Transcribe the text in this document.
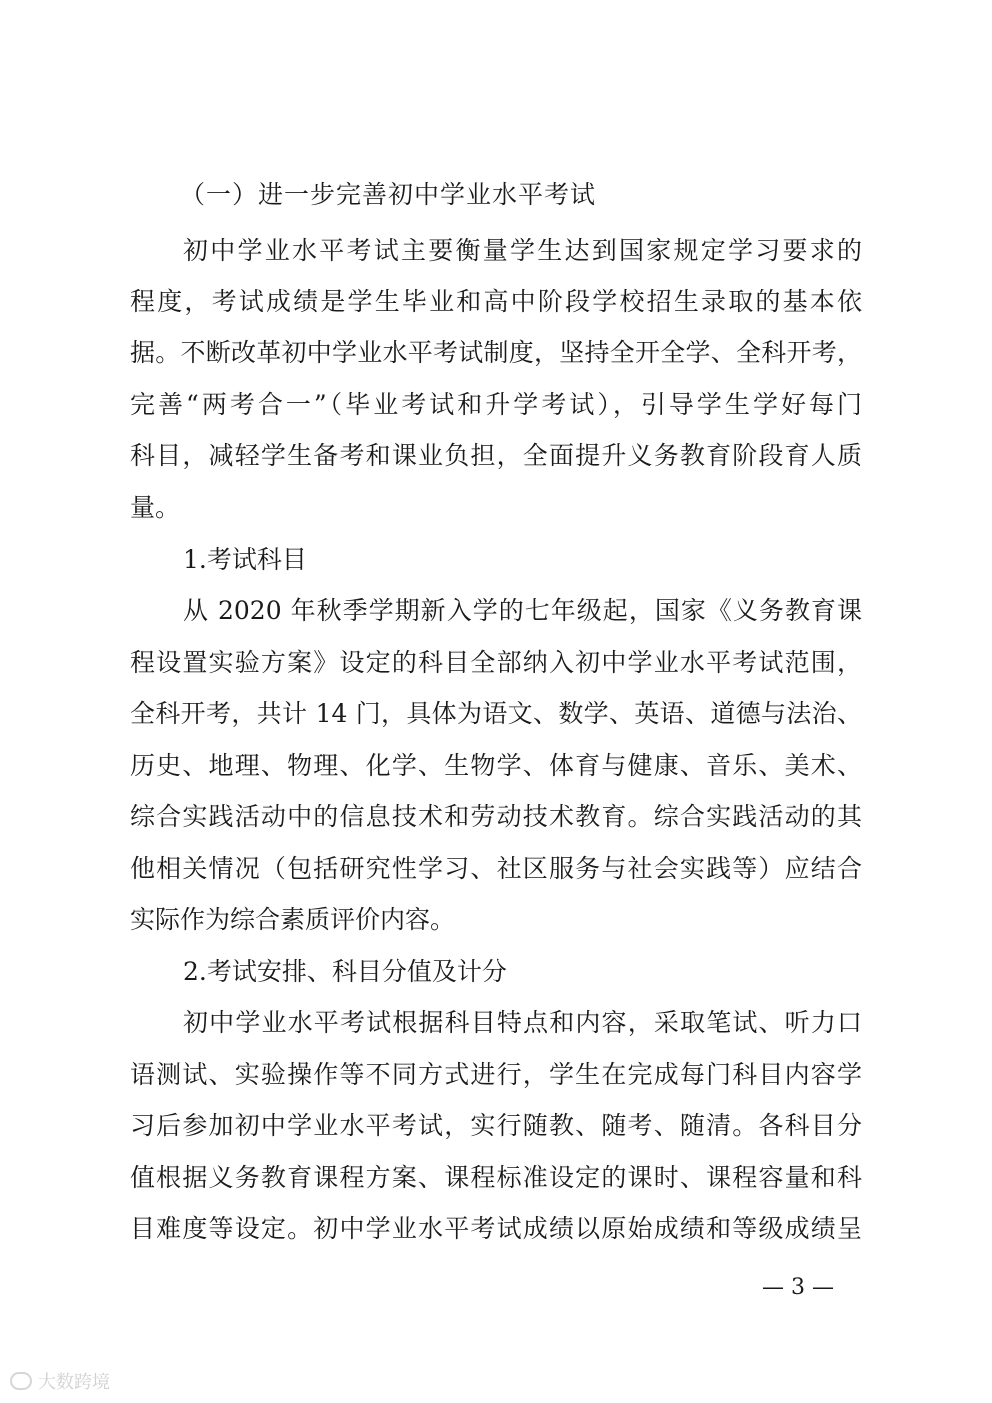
（一）进一步完善初中学业水平考试
初中学业水平考试主要衡量学生达到国家规定学习要求的
程度，考试成绩是学生毕业和高中阶段学校招生录取的基本依
据。不断改革初中学业水平考试制度，坚持全开全学、全科开考，
完善“两考合一”（毕业考试和升学考试），引导学生学好每门
科目，减轻学生备考和课业负担，全面提升义务教育阶段育人质
量。
1.考试科目
从 2020 年秋季学期新入学的七年级起，国家《义务教育课
程设置实验方案》设定的科目全部纳入初中学业水平考试范围，
全科开考，共计 14 门，具体为语文、数学、英语、道德与法治、
历史、地理、物理、化学、生物学、体育与健康、音乐、美术、
综合实践活动中的信息技术和劳动技术教育。综合实践活动的其
他相关情况（包括研究性学习、社区服务与社会实践等）应结合
实际作为综合素质评价内容。
2.考试安排、科目分值及计分
初中学业水平考试根据科目特点和内容，采取笔试、听力口
语测试、实验操作等不同方式进行，学生在完成每门科目内容学
习后参加初中学业水平考试，实行随教、随考、随清。各科目分
值根据义务教育课程方案、课程标准设定的课时、课程容量和科
目难度等设定。初中学业水平考试成绩以原始成绩和等级成绩呈
— 3 —
大数跨境
